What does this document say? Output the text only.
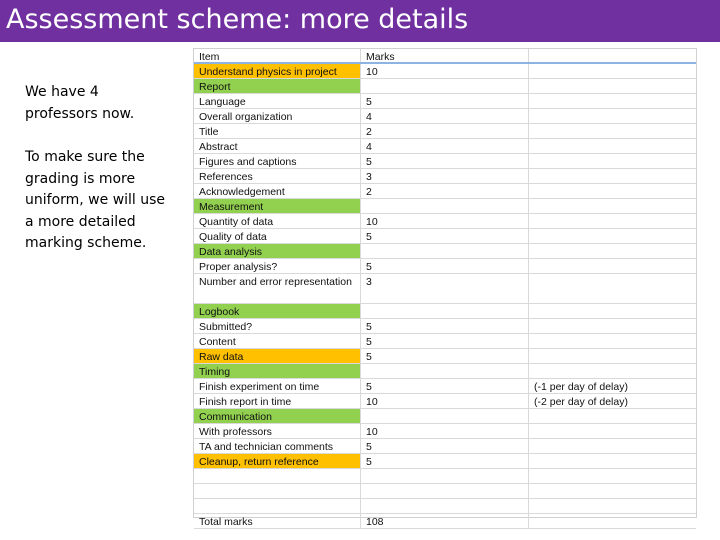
Assessment scheme: more details

We have 4 professors now.

To make sure the grading is more uniform, we will use a more detailed marking scheme.

Item	Marks
Understand physics in project	10
Report
Language	5
Overall organization	4
Title	2
Abstract	4
Figures and captions	5
References	3
Acknowledgement	2
Measurement
Quantity of data	10
Quality of data	5
Data analysis
Proper analysis?	5
Number and error representation	3
Logbook
Submitted?	5
Content	5
Raw data	5
Timing
Finish experiment on time	5	(-1 per day of delay)
Finish report in time	10	(-2 per day of delay)
Communication
With professors	10
TA and technician comments	5
Cleanup, return reference	5
Total marks	108
